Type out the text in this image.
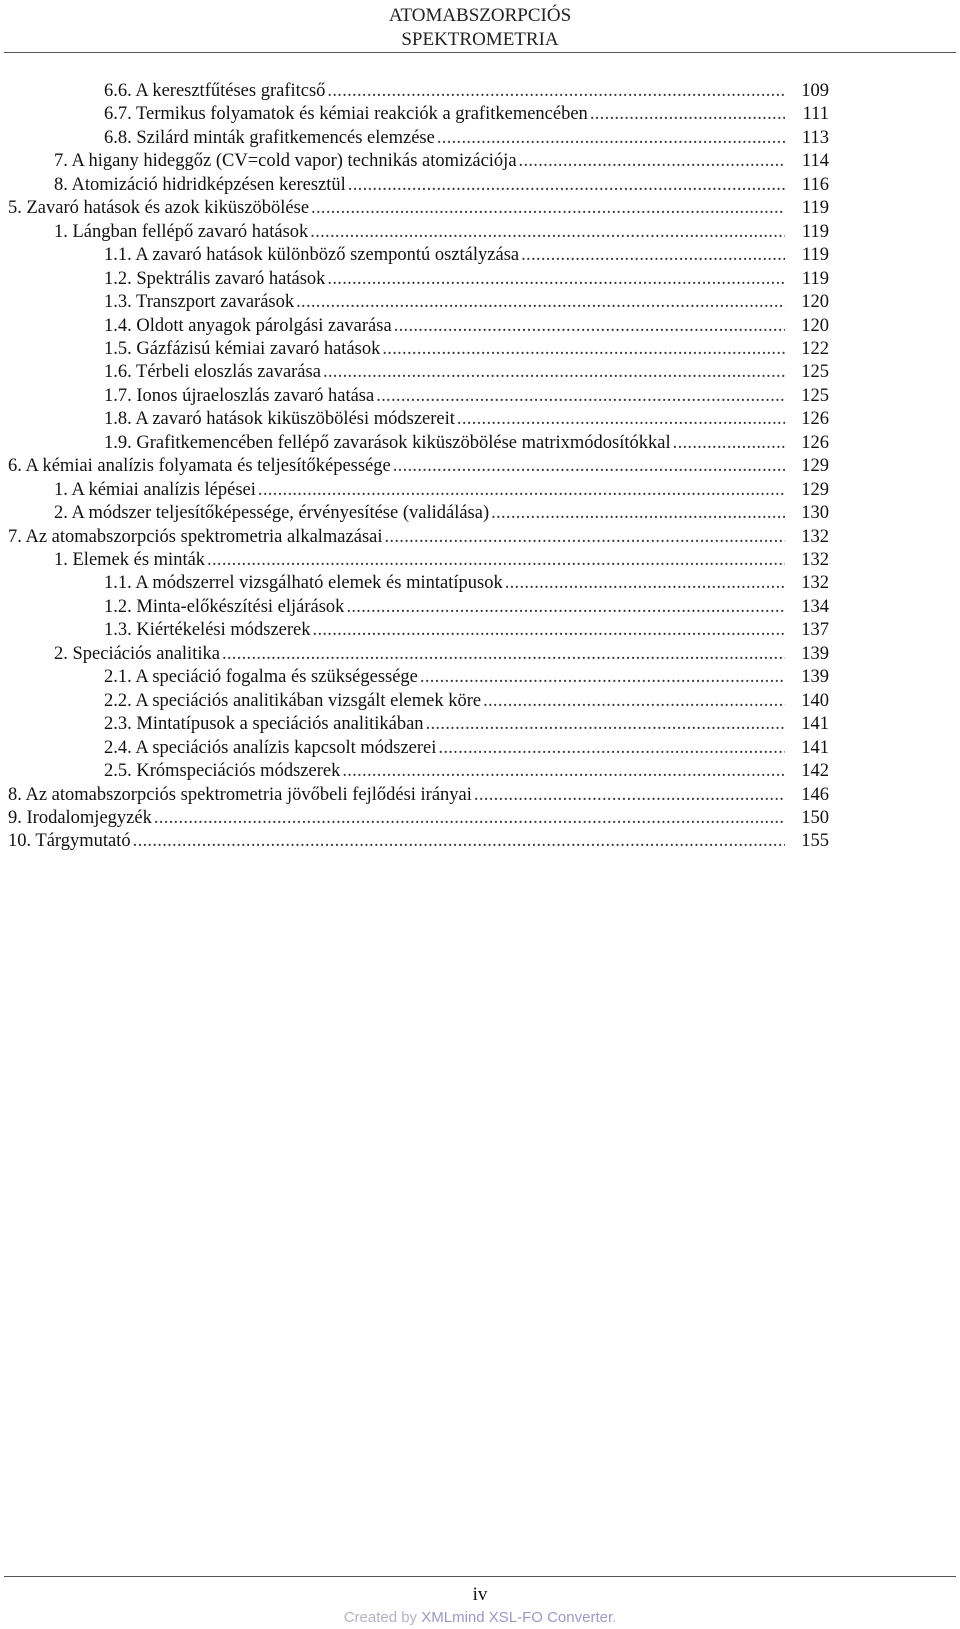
ATOMABSZORPCIÓS
SPEKTROMETRIA
6.6. A keresztfűtéses grafitcső .....	109
6.7. Termikus folyamatok és kémiai reakciók a grafitkemencében .....	111
6.8. Szilárd minták grafitkemencés elemzése .....	113
7. A higany hideggőz (CV=cold vapor) technikás atomizációja .....	114
8. Atomizáció hidridképzésen keresztül .....	116
5. Zavaró hatások és azok kiküszöbölése .....	119
1. Lángban fellépő zavaró hatások .....	119
1.1. A zavaró hatások különböző szempontú osztályzása .....	119
1.2. Spektrális zavaró hatások .....	119
1.3. Transzport zavarások .....	120
1.4. Oldott anyagok párolgási zavarása .....	120
1.5. Gázfázisú kémiai zavaró hatások .....	122
1.6. Térbeli eloszlás zavarása .....	125
1.7. Ionos újraeloszlás zavaró hatása .....	125
1.8. A zavaró hatások kiküszöbölési módszereit .....	126
1.9. Grafitkemencében fellépő zavarások kiküszöbölése matrixmódosítókkal .....	126
6. A kémiai analízis folyamata és teljesítőképessége .....	129
1. A kémiai analízis lépései .....	129
2. A módszer teljesítőképessége, érvényesítése (validálása) .....	130
7. Az atomabszorpciós spektrometria alkalmazásai .....	132
1. Elemek és minták .....	132
1.1. A módszerrel vizsgálható elemek és mintatípusok .....	132
1.2. Minta-előkészítési eljárások .....	134
1.3. Kiértékelési módszerek .....	137
2. Speciációs analitika .....	139
2.1. A speciáció fogalma és szükségessége .....	139
2.2. A speciációs analitikában vizsgált elemek köre .....	140
2.3. Mintatípusok a speciációs analitikában .....	141
2.4. A speciációs analízis kapcsolt módszerei .....	141
2.5. Krómspeciációs módszerek .....	142
8. Az atomabszorpciós spektrometria jövőbeli fejlődési irányai .....	146
9. Irodalomjegyzék .....	150
10. Tárgymutató .....	155
iv
Created by XMLmind XSL-FO Converter.
